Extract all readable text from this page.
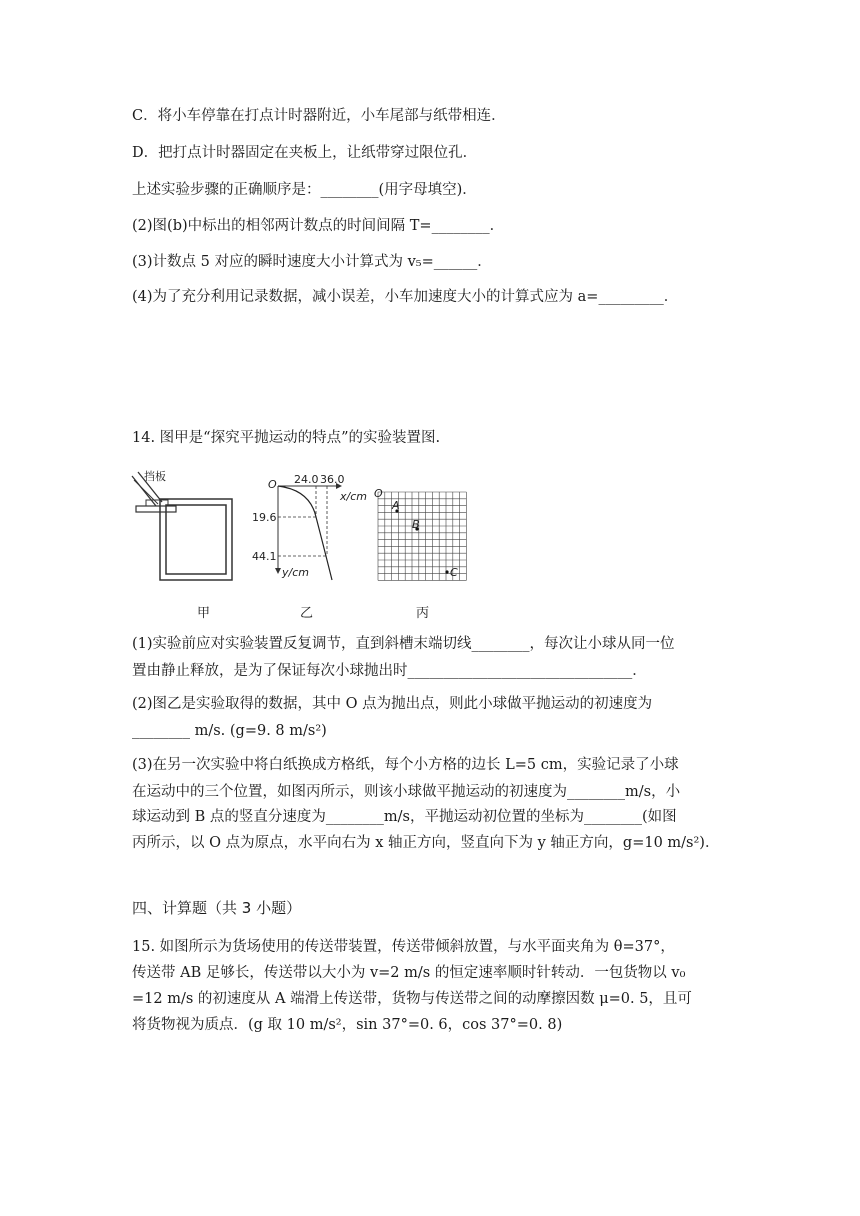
C．将小车停靠在打点计时器附近，小车尾部与纸带相连．
D．把打点计时器固定在夹板上，让纸带穿过限位孔．
上述实验步骤的正确顺序是：________(用字母填空)．
(2)图(b)中标出的相邻两计数点的时间间隔 T=________．
(3)计数点 5 对应的瞬时速度大小计算式为 v₅=______．
(4)为了充分利用记录数据，减小误差，小车加速度大小的计算式应为 a=_________．
14. 图甲是“探究平抛运动的特点”的实验装置图.
挡板
甲
O 24.0 36.0
x/cm
19.6
44.1
y/cm
乙
O
A
B
C
丙
(1)实验前应对实验装置反复调节，直到斜槽末端切线________，每次让小球从同一位
置由静止释放，是为了保证每次小球抛出时_______________________________．
(2)图乙是实验取得的数据，其中 O 点为抛出点，则此小球做平抛运动的初速度为
________ m/s. (g=9. 8 m/s²)
(3)在另一次实验中将白纸换成方格纸，每个小方格的边长 L=5 cm，实验记录了小球
在运动中的三个位置，如图丙所示，则该小球做平抛运动的初速度为________m/s，小
球运动到 B 点的竖直分速度为________m/s，平抛运动初位置的坐标为________(如图
丙所示，以 O 点为原点，水平向右为 x 轴正方向，竖直向下为 y 轴正方向，g=10 m/s²)．
四、计算题（共 3 小题）
15. 如图所示为货场使用的传送带装置，传送带倾斜放置，与水平面夹角为 θ=37°，
传送带 AB 足够长，传送带以大小为 v=2 m/s 的恒定速率顺时针转动．一包货物以 v₀
=12 m/s 的初速度从 A 端滑上传送带，货物与传送带之间的动摩擦因数 μ=0. 5，且可
将货物视为质点．(g 取 10 m/s²，sin 37°=0. 6，cos 37°=0. 8)
